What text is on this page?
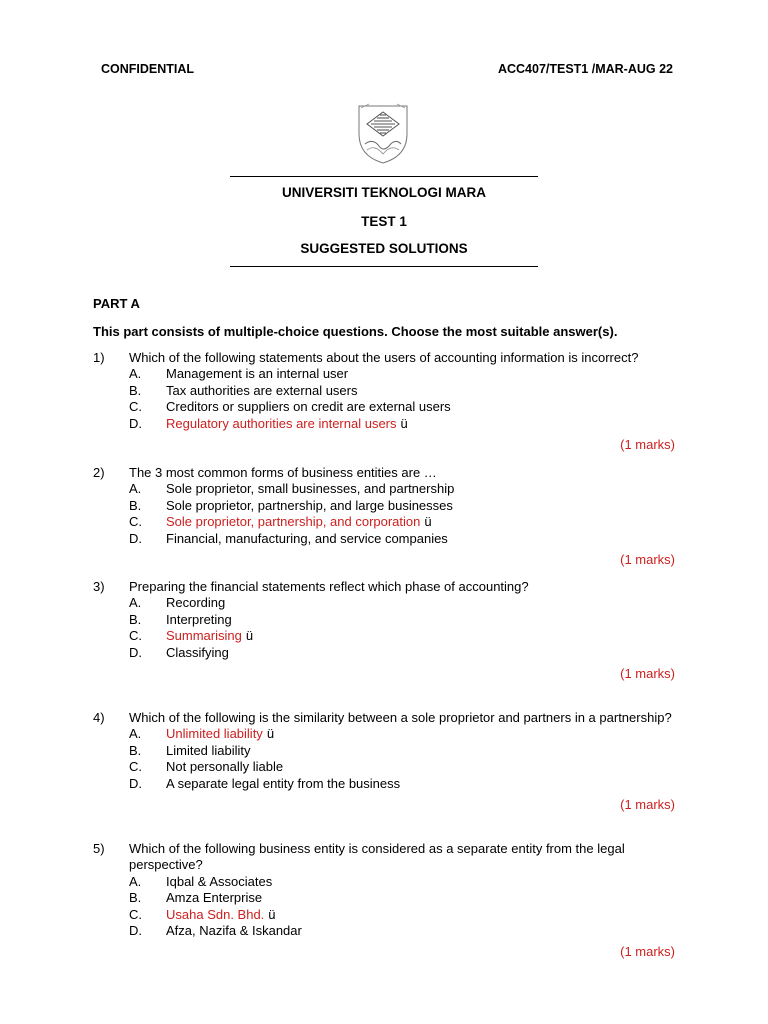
CONFIDENTIAL	ACC407/TEST1 /MAR-AUG 22
UNIVERSITI TEKNOLOGI MARA
TEST 1
SUGGESTED SOLUTIONS
PART A
This part consists of multiple-choice questions. Choose the most suitable answer(s).
1)	Which of the following statements about the users of accounting information is incorrect?
A.	Management is an internal user
B.	Tax authorities are external users
C.	Creditors or suppliers on credit are external users
D.	Regulatory authorities are internal users ü
(1 marks)
2)	The 3 most common forms of business entities are …
A.	Sole proprietor, small businesses, and partnership
B.	Sole proprietor, partnership, and large businesses
C.	Sole proprietor, partnership, and corporation ü
D.	Financial, manufacturing, and service companies
(1 marks)
3)	Preparing the financial statements reflect which phase of accounting?
A.	Recording
B.	Interpreting
C.	Summarising ü
D.	Classifying
(1 marks)
4)	Which of the following is the similarity between a sole proprietor and partners in a partnership?
A.	Unlimited liability ü
B.	Limited liability
C.	Not personally liable
D.	A separate legal entity from the business
(1 marks)
5)	Which of the following business entity is considered as a separate entity from the legal perspective?
A.	Iqbal & Associates
B.	Amza Enterprise
C.	Usaha Sdn. Bhd. ü
D.	Afza, Nazifa & Iskandar
(1 marks)
